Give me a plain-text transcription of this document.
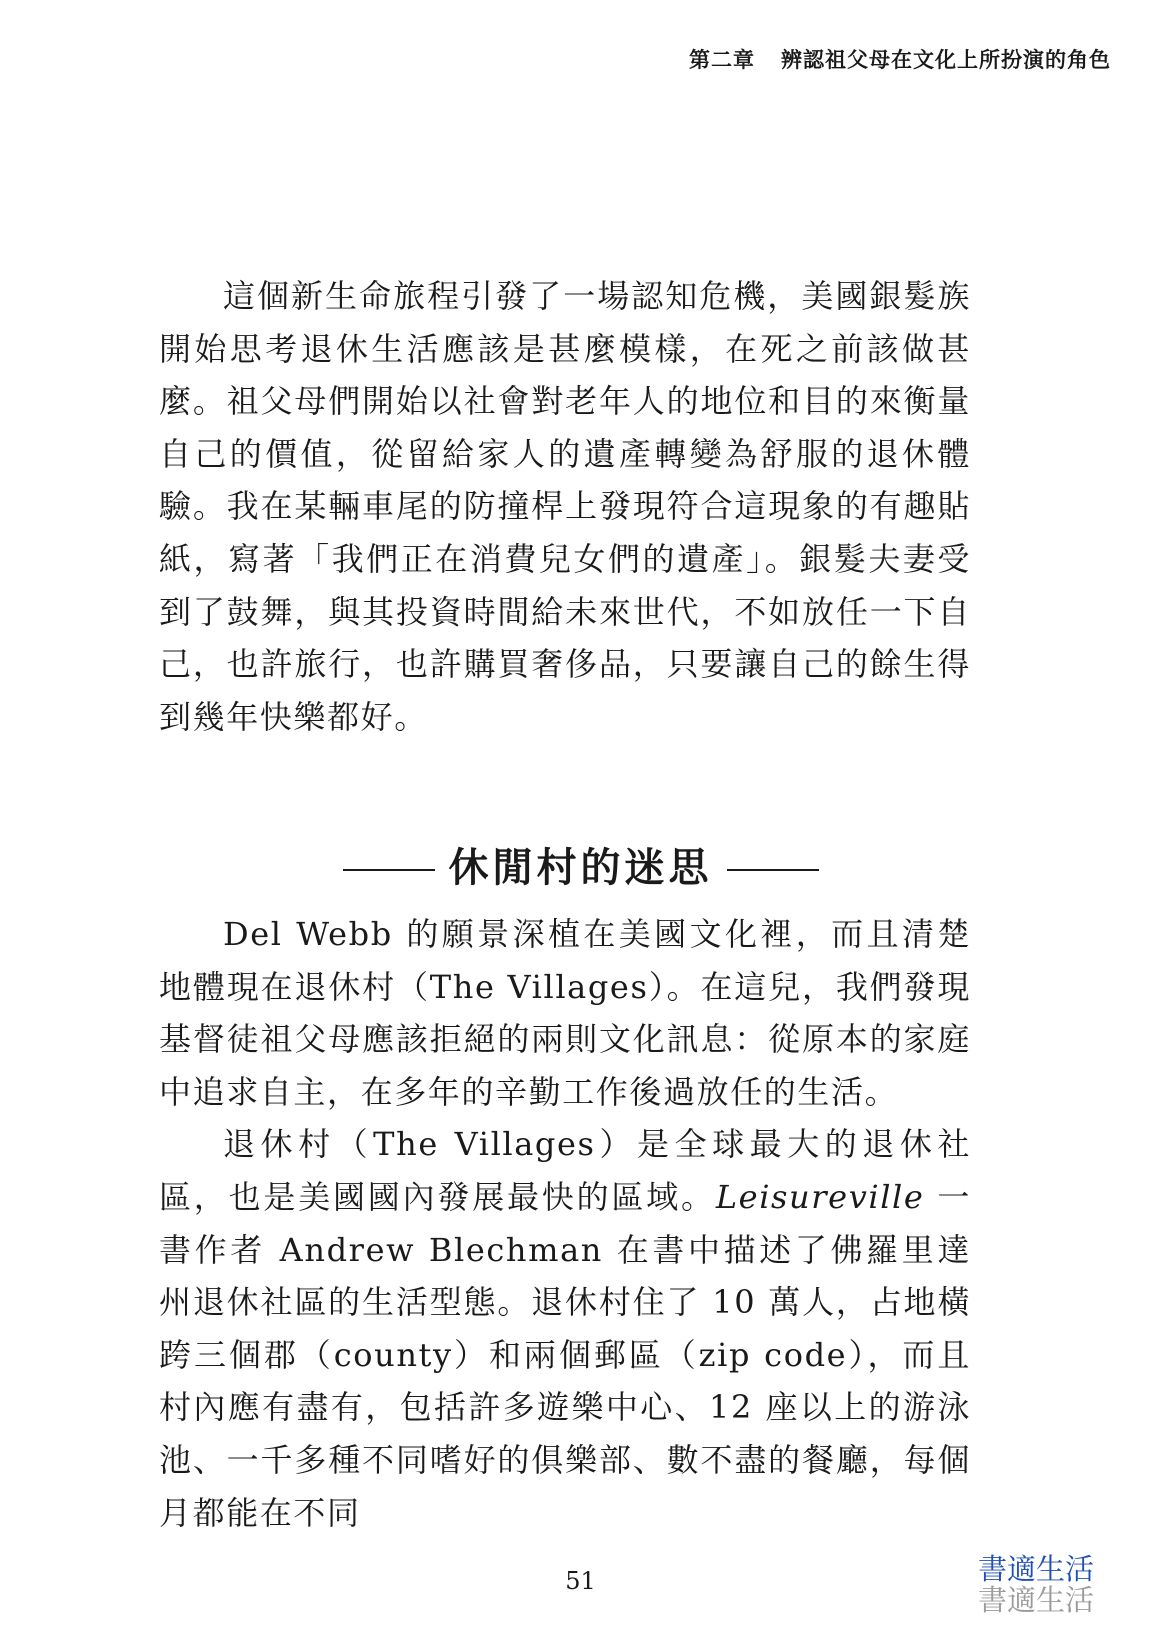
第二章 辨認祖父母在文化上所扮演的角色

這個新生命旅程引發了一場認知危機，美國銀髮族開始思考退休生活應該是甚麼模樣，在死之前該做甚麼。祖父母們開始以社會對老年人的地位和目的來衡量自己的價值，從留給家人的遺產轉變為舒服的退休體驗。我在某輛車尾的防撞桿上發現符合這現象的有趣貼紙，寫著「我們正在消費兒女們的遺產」。銀髮夫妻受到了鼓舞，與其投資時間給未來世代，不如放任一下自己，也許旅行，也許購買奢侈品，只要讓自己的餘生得到幾年快樂都好。

休閒村的迷思

Del Webb 的願景深植在美國文化裡，而且清楚地體現在退休村（The Villages）。在這兒，我們發現基督徒祖父母應該拒絕的兩則文化訊息：從原本的家庭中追求自主，在多年的辛勤工作後過放任的生活。

退休村（The Villages）是全球最大的退休社區，也是美國國內發展最快的區域。Leisureville 一書作者 Andrew Blechman 在書中描述了佛羅里達州退休社區的生活型態。退休村住了 10 萬人，占地橫跨三個郡（county）和兩個郵區（zip code），而且村內應有盡有，包括許多遊樂中心、12 座以上的游泳池、一千多種不同嗜好的俱樂部、數不盡的餐廳，每個月都能在不同

51	書適生活
書適生活
